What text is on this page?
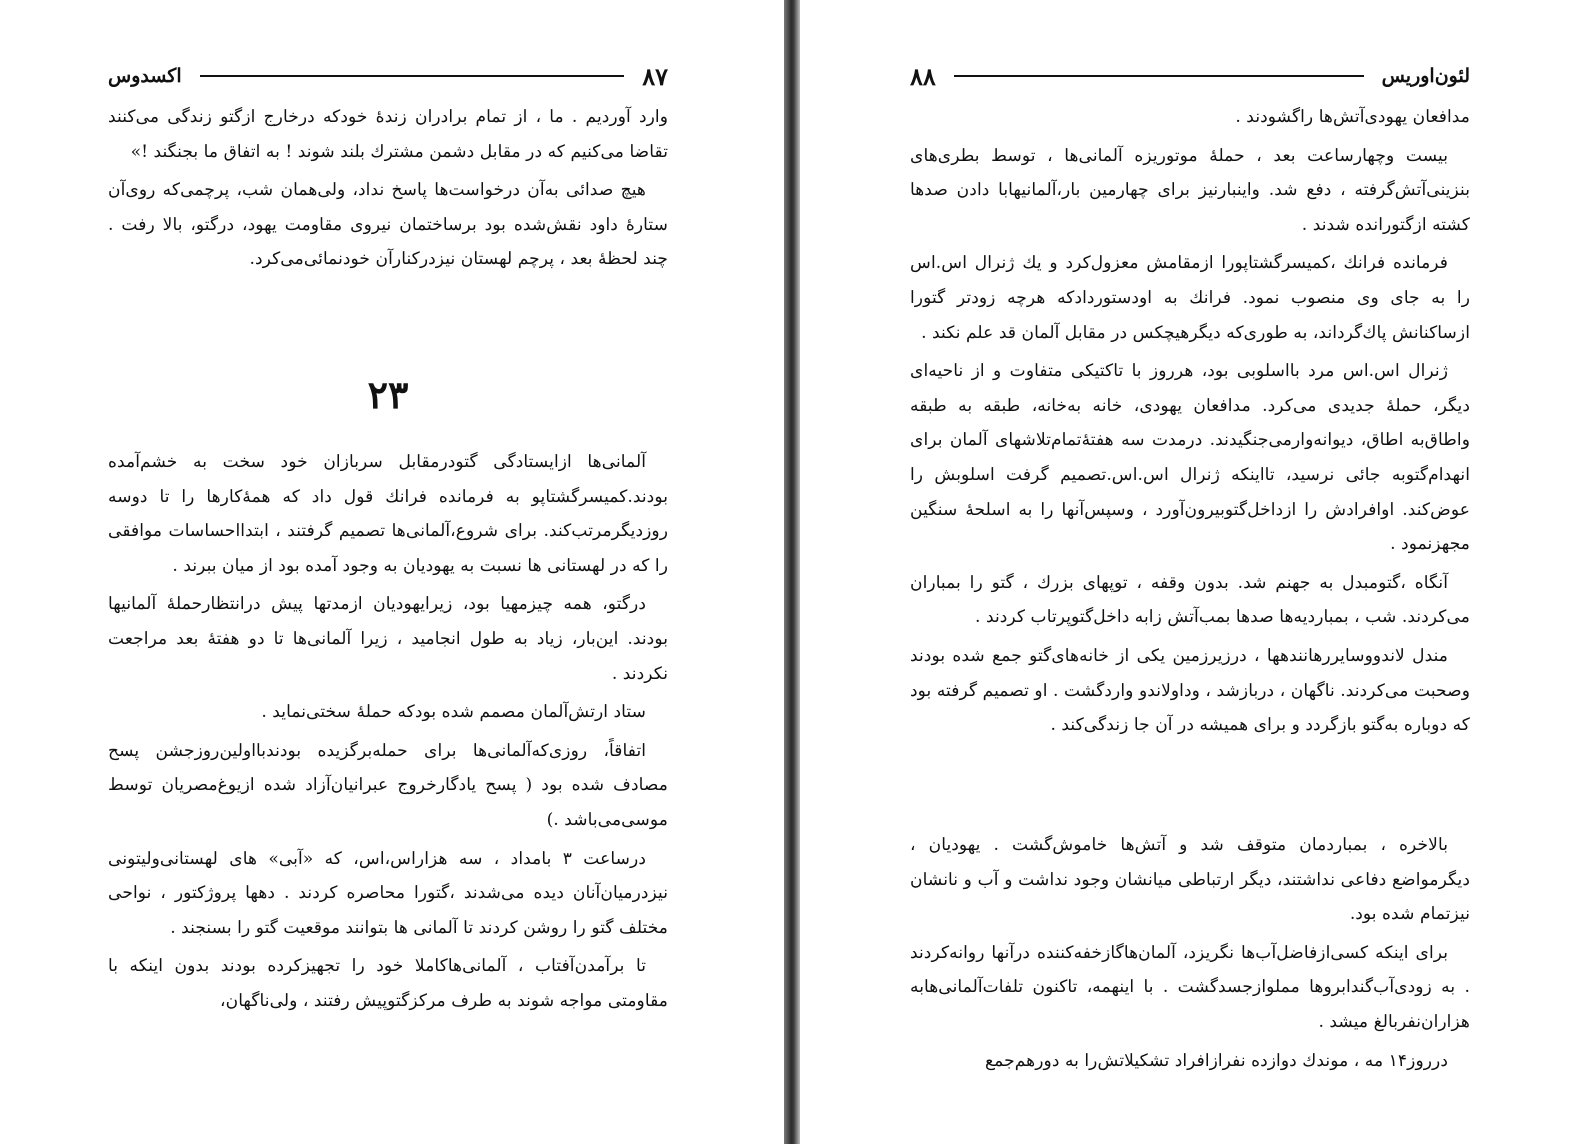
۸۷
اکسدوس

وارد آوردیم . ما ، از تمام برادران زندهٔ خودکه درخارج ازگتو زندگی می‌کنند تقاضا می‌کنیم که در مقابل دشمن مشترك بلند شوند ! به اتفاق ما بجنگند !»

هیچ صدائی به‌آن درخواست‌ها پاسخ نداد، ولی‌همان شب، پرچمی‌که روی‌آن ستارهٔ داود نقش‌شده بود برساختمان نیروی مقاومت یهود، درگتو، بالا رفت . چند لحظهٔ بعد ، پرچم لهستان نیزدرکنارآن خودنمائی‌می‌کرد.

۲۳

آلمانی‌ها ازایستادگی گتودرمقابل سربازان خود سخت به خشم‌آمده بودند.کمیسرگشتاپو به فرمانده فرانك قول داد که همهٔ‌کارها را تا دوسه روزدیگرمرتب‌کند. برای شروع،آلمانی‌ها تصمیم گرفتند ، ابتدااحساسات موافقی را که در لهستانی ها نسبت به یهودیان به وجود آمده بود از میان ببرند .

درگتو، همه چیزمهیا بود، زیرایهودیان ازمدتها پیش درانتظارحملهٔ آلمانیها بودند. این‌بار، زیاد به طول انجامید ، زیرا آلمانی‌ها تا دو هفتهٔ بعد مراجعت نکردند .

ستاد ارتش‌آلمان مصمم شده بودکه حملهٔ سختی‌نماید .

اتفاقاً، روزی‌که‌آلمانی‌ها برای حمله‌برگزیده بودندبااولین‌روزجشن پسح مصادف شده بود ( پسح یادگارخروج عبرانیان‌آزاد شده ازیوغ‌مصریان توسط موسی‌می‌باشد .)

درساعت ۳ بامداد ، سه هزاراس،اس، که «آبی» های لهستانی‌ولیتونی نیزدرمیان‌آنان دیده می‌شدند ،گتورا محاصره کردند . دهها پروژکتور ، نواحی مختلف گتو را روشن کردند تا آلمانی ها بتوانند موقعیت گتو را بسنجند .

تا برآمدن‌آفتاب ، آلمانی‌هاکاملا خود را تجهیز‌کرده بودند بدون اینکه با مقاومتی مواجه شوند به طرف مرکزگتوپیش رفتند ، ولی‌ناگهان،

لئون‌اوریس
۸۸

مدافعان یهودی‌آتش‌ها راگشودند .

بیست وچهارساعت بعد ، حملهٔ موتوریزه آلمانی‌ها ، توسط بطری‌های بنزینی‌آتش‌گرفته ، دفع شد. واینبارنیز برای چهارمین بار،آلمانیهابا دادن صدها کشته ازگتورانده شدند .

فرمانده فرانك ،کمیسرگشتاپورا ازمقامش معزول‌کرد و یك ژنرال اس.اس را به جای وی منصوب نمود. فرانك به اودستورداد‌که هرچه زودتر گتورا ازساکنانش پاك‌گرداند، به طوری‌که دیگرهیچکس در مقابل آلمان قد علم نکند .

ژنرال اس.اس مرد بااسلوبی بود، هرروز با تاکتیکی متفاوت و از ناحیه‌ای دیگر، حملهٔ جدیدی می‌کرد. مدافعان یهودی، خانه به‌خانه، طبقه به طبقه واطاق‌به اطاق، دیوانه‌وارمی‌جنگیدند. درمدت سه هفتهٔ‌تمام‌تلاشهای آلمان برای انهدام‌گتوبه جائی نرسید، تااینکه ژنرال اس.اس.تصمیم گرفت اسلوبش را عوض‌کند. اوافرادش را ازداخل‌گتوبیرون‌آورد ، وسپس‌آنها را به اسلحهٔ سنگین مجهزنمود .

آنگاه ،گتومبدل به جهنم شد. بدون وقفه ، توپهای بزرك ، گتو را بمباران می‌کردند. شب ، بمباردیه‌ها صدها بمب‌آتش زابه داخل‌گتوپرتاب کردند .

مندل لاندووسایررهانندهها ، درزیرزمین یکی از خانه‌های‌گتو جمع شده بودند وصحبت می‌کردند. ناگهان ، دربازشد ، وداولاندو واردگشت . او تصمیم گرفته بود که دوباره به‌گتو بازگردد و برای همیشه در آن جا زندگی‌کند .

بالاخره ، بمباردمان متوقف شد و آتش‌ها خاموش‌گشت . یهودیان ، دیگرمواضع دفاعی نداشتند، دیگر ارتباطی میانشان وجود نداشت و آب و نانشان نیزتمام شده بود.

برای اینکه کسی‌ازفاضل‌آب‌ها نگریزد، آلمان‌هاگازخفه‌کننده درآنها روانه‌کردند . به زودی‌آب‌گندابروها مملوازجسدگشت . با اینهمه، تاکنون تلفات‌آلمانی‌هابه هزاران‌نفربالغ میشد .

درروز۱۴ مه ، موندك دوازده نفرازافراد تشکیلاتش‌را به دورهم‌جمع
